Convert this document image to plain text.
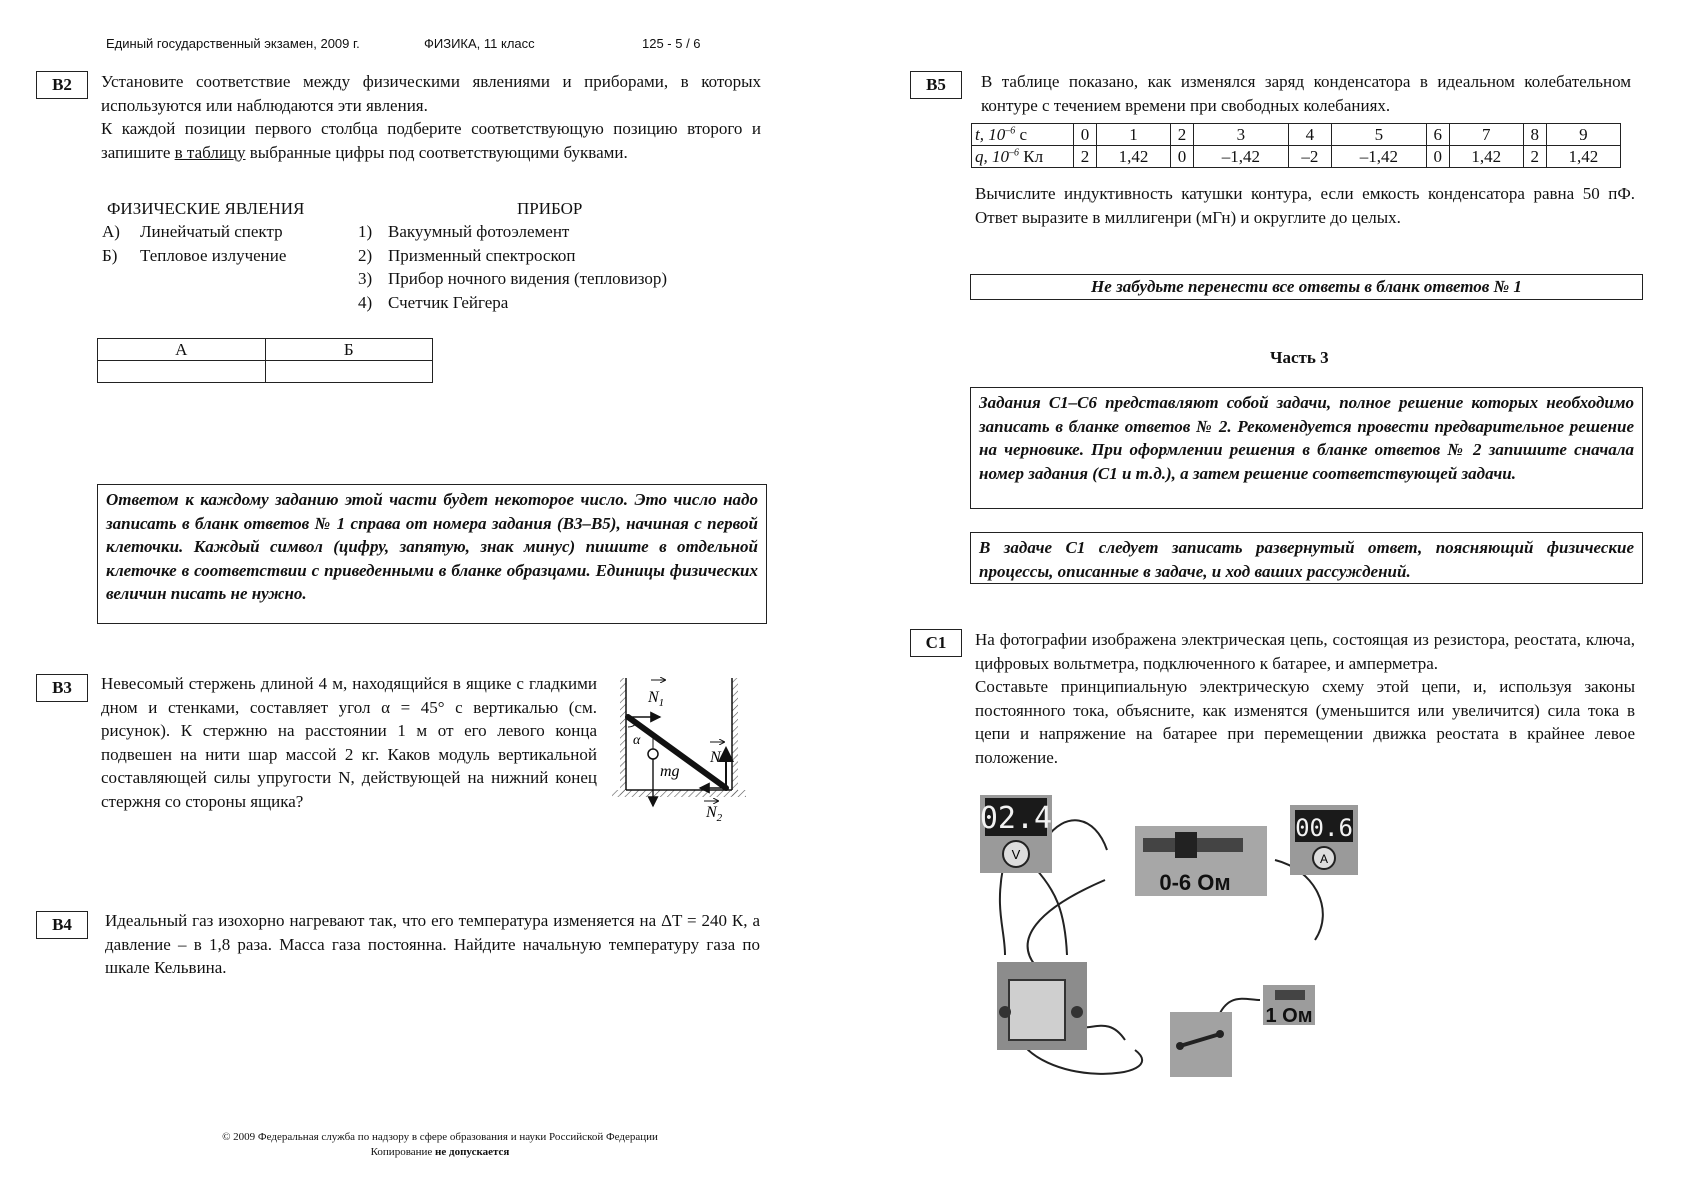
Единый государственный экзамен, 2009 г.	ФИЗИКА, 11 класс	125 - 5 / 6
В2	Установите соответствие между физическими явлениями и приборами, в которых используются или наблюдаются эти явления.

К каждой позиции первого столбца подберите соответствующую позицию второго и запишите в таблицу выбранные цифры под соответствующими буквами.

ФИЗИЧЕСКИЕ ЯВЛЕНИЯ	ПРИБОР
А) Линейчатый спектр
Б) Тепловое излучение
1) Вакуумный фотоэлемент
2) Призменный спектроскоп
3) Прибор ночного видения (тепловизор)
4) Счетчик Гейгера
А	Б

Ответом к каждому заданию этой части будет некоторое число. Это число надо записать в бланк ответов № 1 справа от номера задания (В3–В5), начиная с первой клеточки. Каждый символ (цифру, запятую, знак минус) пишите в отдельной клеточке в соответствии с приведенными в бланке образцами. Единицы физических величин писать не нужно.
В3	Невесомый стержень длиной 4 м, находящийся в ящике с гладкими дном и стенками, составляет угол α = 45° с вертикалью (см. рисунок). К стержню на расстоянии 1 м от его левого конца подвешен на нити шар массой 2 кг. Каков модуль вертикальной составляющей силы упругости N, действующей на нижний конец стержня со стороны ящика?
$N_1$
α
mg
N
$N_2$
В4	Идеальный газ изохорно нагревают так, что его температура изменяется на ΔT = 240 К, а давление – в 1,8 раза. Масса газа постоянна. Найдите начальную температуру газа по шкале Кельвина.
© 2009 Федеральная служба по надзору в сфере образования и науки Российской Федерации
Копирование не допускается
В5	В таблице показано, как изменялся заряд конденсатора в идеальном колебательном контуре с течением времени при свободных колебаниях.
t, $10^{-6}$ с	0	1	2	3	4	5	6	7	8	9
q, $10^{-6}$ Кл	2	1,42	0	–1,42	–2	–1,42	0	1,42	2	1,42
Вычислите индуктивность катушки контура, если емкость конденсатора равна 50 пФ. Ответ выразите в миллигенри (мГн) и округлите до целых.
Не забудьте перенести все ответы в бланк ответов № 1
Часть 3
Задания С1–С6 представляют собой задачи, полное решение которых необходимо записать в бланке ответов № 2. Рекомендуется провести предварительное решение на черновике. При оформлении решения в бланке ответов № 2 запишите сначала номер задания (С1 и т.д.), а затем решение соответствующей задачи.
В задаче С1 следует записать развернутый ответ, поясняющий физические процессы, описанные в задаче, и ход ваших рассуждений.
С1	На фотографии изображена электрическая цепь, состоящая из резистора, реостата, ключа, цифровых вольтметра, подключенного к батарее, и амперметра.

Составьте принципиальную электрическую схему этой цепи, и, используя законы постоянного тока, объясните, как изменятся (уменьшится или увеличится) сила тока в цепи и напряжение на батарее при перемещении движка реостата в крайнее левое положение.

02.4
V
0-6 Ом
00.6
A
1 Ом
